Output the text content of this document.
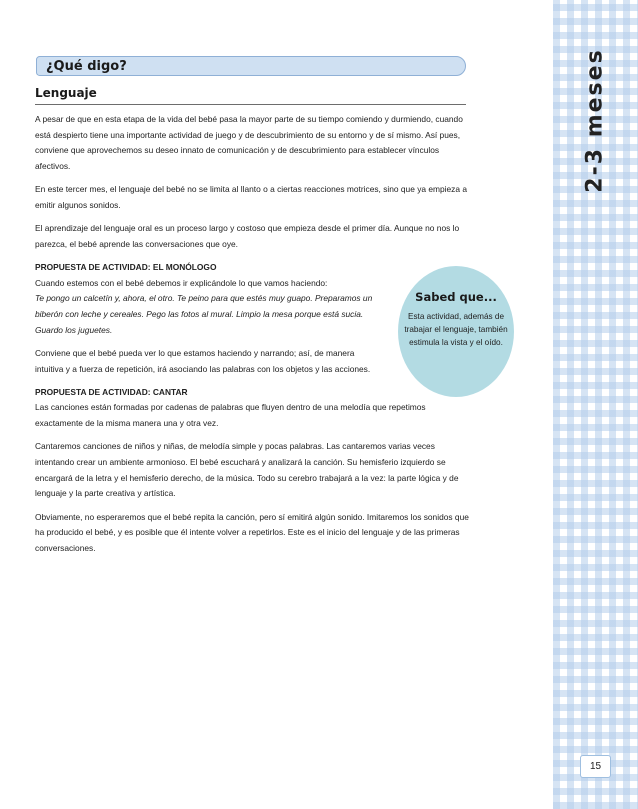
2-3 meses
15
¿Qué digo?
Lenguaje

A pesar de que en esta etapa de la vida del bebé pasa la mayor parte de su tiempo comiendo y durmiendo, cuando está despierto tiene una importante actividad de juego y de descubrimiento de su entorno y de sí mismo. Así pues, conviene que aprovechemos su deseo innato de comunicación y de descubrimiento para establecer vínculos afectivos.

En este tercer mes, el lenguaje del bebé no se limita al llanto o a ciertas reacciones motrices, sino que ya empieza a emitir algunos sonidos.

El aprendizaje del lenguaje oral es un proceso largo y costoso que empieza desde el primer día. Aunque no nos lo parezca, el bebé aprende las conversaciones que oye.

PROPUESTA DE ACTIVIDAD: EL MONÓLOGO

Cuando estemos con el bebé debemos ir explicándole lo que vamos haciendo:

Te pongo un calcetín y, ahora, el otro. Te peino para que estés muy guapo. Preparamos un biberón con leche y cereales. Pego las fotos al mural. Limpio la mesa porque está sucia. Guardo los juguetes.

Conviene que el bebé pueda ver lo que estamos haciendo y narrando; así, de manera intuitiva y a fuerza de repetición, irá asociando las palabras con los objetos y las acciones.

PROPUESTA DE ACTIVIDAD: CANTAR

Las canciones están formadas por cadenas de palabras que fluyen dentro de una melodía que repetimos exactamente de la misma manera una y otra vez.

Cantaremos canciones de niños y niñas, de melodía simple y pocas palabras. Las cantaremos varias veces intentando crear un ambiente armonioso. El bebé escuchará y analizará la canción. Su hemisferio izquierdo se encargará de la letra y el hemisferio derecho, de la música. Todo su cerebro trabajará a la vez: la parte lógica y de lenguaje y la parte creativa y artística.

Obviamente, no esperaremos que el bebé repita la canción, pero sí emitirá algún sonido. Imitaremos los sonidos que ha producido el bebé, y es posible que él intente volver a repetirlos. Este es el inicio del lenguaje y de las primeras conversaciones.

Sabed que...
Esta actividad, además de trabajar el lenguaje, también estimula la vista y el oído.
